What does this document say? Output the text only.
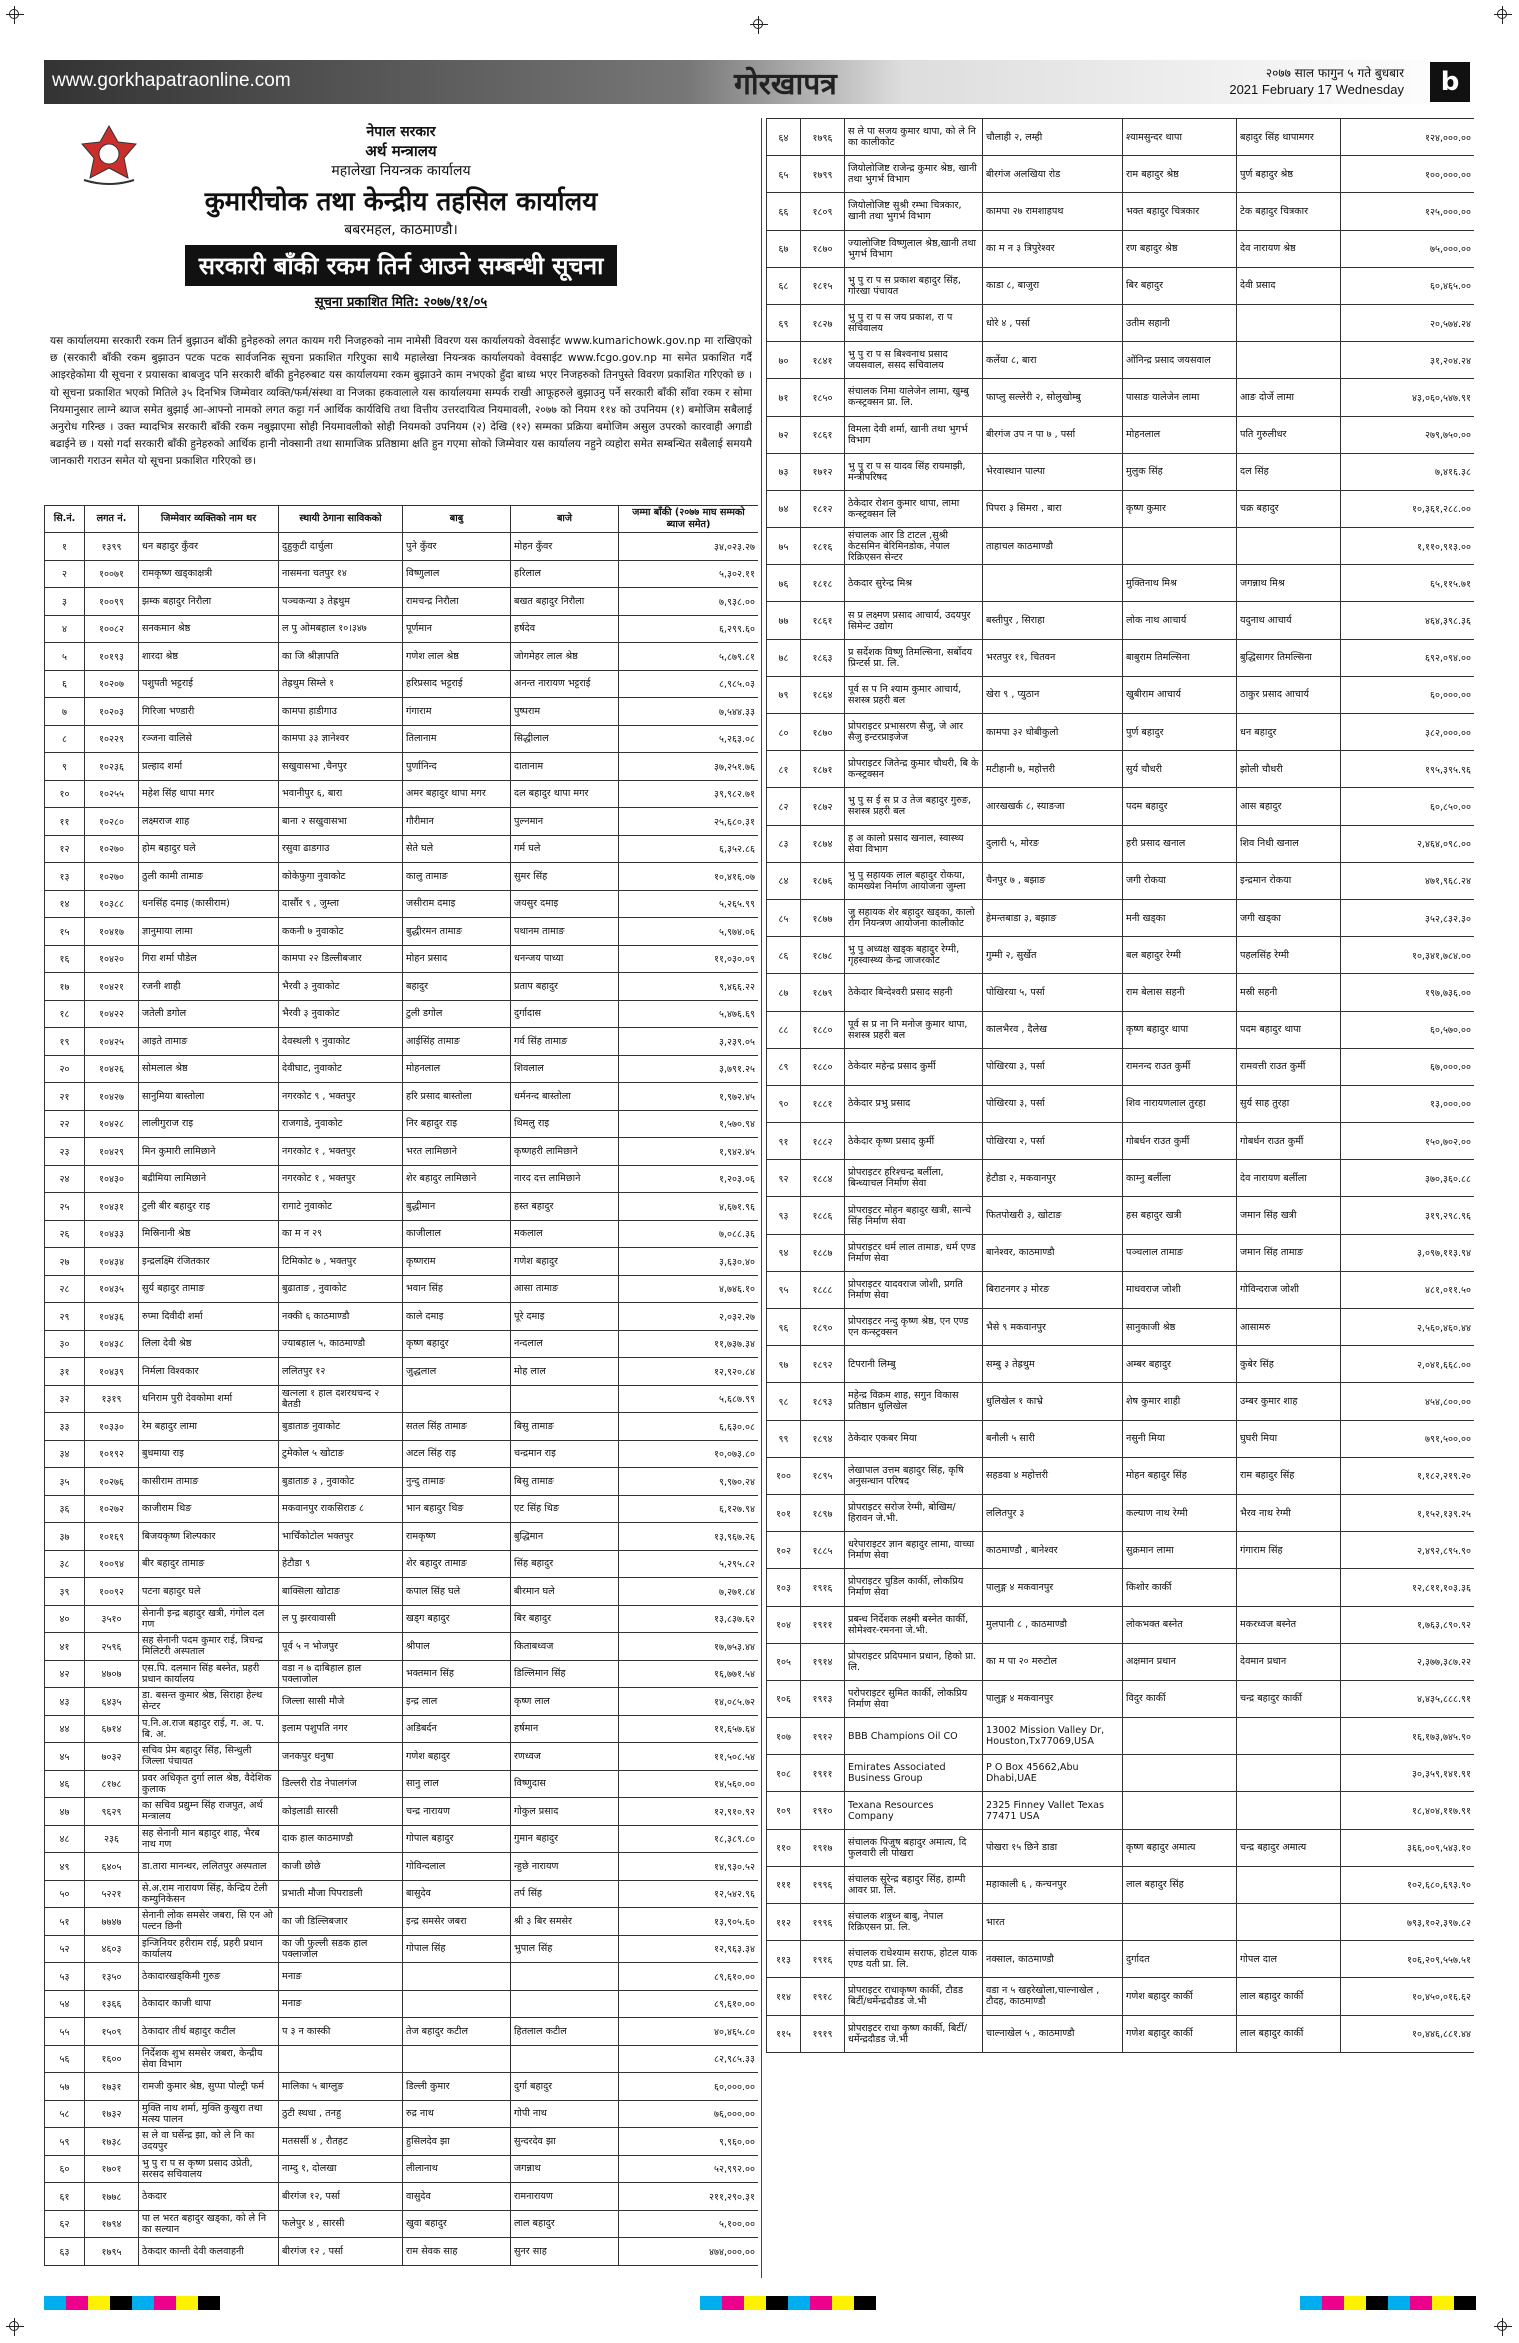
www.gorkhapatraonline.com	गोरखापत्र	२०७७ साल फागुन ५ गते बुधबार
2021 February 17 Wednesday	b
नेपाल सरकार
अर्थ मन्त्रालय
महालेखा नियन्त्रक कार्यालय
कुमारीचोक तथा केन्द्रीय तहसिल कार्यालय
बबरमहल, काठमाण्डौ।
सरकारी बाँकी रकम तिर्न आउने सम्बन्धी सूचना
सूचना प्रकाशित मिति: २०७७/११/०५
यस कार्यालयमा सरकारी रकम तिर्न बुझाउन बाँकी हुनेहरुको लगत कायम गरी निजहरुको नाम नामेसी विवरण यस कार्यालयको वेवसाईट www.kumarichowk.gov.np मा राखिएको छ (सरकारी बाँकी रकम बुझाउन पटक पटक सार्वजनिक सूचना प्रकाशित गरिएुका साथै महालेखा नियन्त्रक कार्यालयको वेवसाईट www.fcgo.gov.np मा समेत प्रकाशित गर्दै आइरहेकोमा यी सूचना र प्रयासका बाबजुद पनि सरकारी बाँकी हुनेहरुबाट यस कार्यालयमा रकम बुझाउने काम नभएको हुँदा बाध्य भएर निजहरुको तिनपुस्ते विवरण प्रकाशित गरिएको छ । यो सूचना प्रकाशित भएको मितिले ३५ दिनभित्र जिम्मेवार व्यक्ति/फर्म/संस्था वा निजका हकवालाले यस कार्यालयमा सम्पर्क राखी आफूहरुले बुझाउनु पर्ने सरकारी बाँकी साँवा रकम र सोमा नियमानुसार लाग्ने ब्याज समेत बुझाई आ-आफ्नो नामको लगत कट्टा गर्न आर्थिक कार्यविधि तथा वित्तीय उत्तरदायित्व नियमावली, २०७७ को नियम ११४ को उपनियम (१) बमोजिम सबैलाई अनुरोध गरिन्छ । उक्त म्यादभित्र सरकारी बाँकी रकम नबुझाएमा सोही नियमावलीको सोही नियमको उपनियम (२) देखि (१२) सम्मका प्रक्रिया बमोजिम असुल उपरको कारवाही अगाडी बढाईने छ । यसो गर्दा सरकारी बाँकी हुनेहरुको आर्थिक हानी नोक्सानी तथा सामाजिक प्रतिष्ठामा क्षति हुन गएमा सोको जिम्मेवार यस कार्यालय नहुने व्यहोरा समेत सम्बन्धित सबैलाई समयमै जानकारी गराउन समेत यो सूचना प्रकाशित गरिएको छ।
सि.नं.	लगत नं.	जिम्मेवार व्यक्तिको नाम थर	स्थायी ठेगाना साविकको	बाबु	बाजे	जम्मा बाँकी (२०७७ माघ सम्मको ब्याज समेत)
१	१३९९	धन बहादुर कुँवर	दुहुकुटी दार्चुला	पुने कुँवर	मोहन कुँवर	३४,०२३.२७
२	१००७१	रामकृष्ण खड्काक्षत्री	नासमना चतपुर १४	विष्णुलाल	हरिलाल	५,३०२.११
३	१००९९	झम्क बहादुर निरौला	पञ्चकन्या ३ तेह्रथुम	रामचन्द्र निरौला	बखत बहादुर निरौला	७,९३८.००
४	१००८२	सनकमान श्रेष्ठ	ल पु ओमबहाल १०।३४७	पूर्णमान	हर्षदेव	६,२९९.६०
५	१०१९३	शारदा श्रेष्ठ	का जि श्रीज्ञापति	गणेश लाल श्रेष्ठ	जोगमेहर लाल श्रेष्ठ	५,८७९.८१
६	१०२०७	पशुपती भट्टराई	तेह्रथुम सिम्ले १	हरिप्रसाद भट्टराई	अनन्त नारायण भट्टराई	८,९८५.०३
७	१०२०३	गिरिजा भण्डारी	कामपा हाडीगाउ	गंगाराम	पुष्पराम	७,५४४.३३
८	१०२२९	रञ्जना वालिसे	कामपा ३३ ज्ञानेश्वर	तिलानाम	सिद्धीलाल	५,२६३.०८
९	१०२३६	प्रल्हाद शर्मा	सखुवासभा ,चैनपुर	पुर्णानिन्द	दातानाम	३७,२५१.७६
१०	१०२५५	महेश सिंह थापा मगर	भवानीपुर ६, बारा	अमर बहादुर थापा मगर	दल बहादुर थापा मगर	३९,९८२.७१
११	१०२८०	लक्ष्मराज शाह	बाना २ सखुवासभा	गौरीमान	पुल्नमान	२५,६८०.३१
१२	१०२७०	होम बहादुर घले	रसुवा ढाडगाउ	सेते घले	गर्म घले	६,३५२.८६
१३	१०२७०	ठुली कामी तामाङ	कोकेफुगा नुवाकोट	कालु तामाङ	सुमर सिंह	१०,४१६.०७
१४	१०३८८	धनसिंह दमाइ (कासीराम)	दार्सौर ९ , जुम्ला	जसीराम दमाइ	जयसुर दमाइ	५,२६५.९९
१५	१०४१७	ज्ञानुमाया लामा	ककनी ७ नुवाकोट	बुद्धीरमन तामाङ	पथानम तामाङ	५,९७४.०६
१६	१०४२०	गिरा शर्मा पौडेल	कामपा २२ डिल्लीबजार	मोहन प्रसाद	धनन्जय पाध्या	११,०३०.०९
१७	१०४२१	रजनी शाही	भैरवी ३ नुवाकोट	बहादुर	प्रताप बहादुर	९,४६६.२२
१८	१०४२२	जतेली डगोल	भैरवी ३ नुवाकोट	टुली डगोल	दुर्गादास	५,४७६.६९
१९	१०४२५	आइते तामाङ	देवस्थली ९ नुवाकोट	आईसिंह तामाङ	गर्व सिंह तामाङ	३,२३९.०५
२०	१०४२६	सोमलाल श्रेष्ठ	देवीघाट, नुवाकोट	मोहनलाल	शिवलाल	३,७९१.२५
२१	१०४२७	सानुमिया बास्तोला	नगरकोट ९ , भक्तपुर	हरि प्रसाद बास्तोला	धर्मनन्द बास्तोला	१,९७२.४५
२२	१०४२८	लालीगुराज राइ	राजगाडे, नुवाकोट	निर बहादुर राइ	थिमलु राइ	१,५७०.९४
२३	१०४२९	मिन कुमारी लामिछाने	नगरकोट १ , भक्तपुर	भरत लामिछाने	कृष्णहरी लामिछाने	१,९४२.४५
२४	१०४३०	बद्रीमिया लामिछाने	नगरकोट १ , भक्तपुर	शेर बहादुर लामिछाने	नारद दत्त लामिछाने	१,२०३.०६
२५	१०४३१	टुली बीर बहादुर राइ	रागाटे नुवाकोट	बुद्धीमान	हस्त बहादुर	४,६७१.९६
२६	१०४३३	मिस्रिनानी श्रेष्ठ	का म न २९	काजीलाल	मकलाल	७,०८८.३६
२७	१०४३४	इन्द्रलक्ष्मि रंजितकार	टिमिकोट ७ , भक्तपुर	कृष्णराम	गणेश बहादुर	३,६३०.४०
२८	१०४३५	सुर्य बहादुर तामाङ	बुढाताङ , नुवाकोट	भवान सिंह	आसा तामाङ	४,७४६.१०
२९	१०४३६	रुप्मा दिवीदी शर्मा	नक्की ६ काठमाण्डौ	काले दमाइ	पूरे दमाइ	२,०३२.२७
३०	१०४३८	लिला देवी श्रेष्ठ	ज्याबहाल ५, काठमाण्डौ	कृष्ण बहादुर	नन्दलाल	११,७३७.३४
३१	१०४३९	निर्मला विश्वकार	ललितपुर १२	जुद्धलाल	मोह लाल	१२,९२०.८४
३२	१३१९	धनिराम पुरी देवकोमा शर्मा	खत्नला १ हाल दशरथचन्द २ बैतडी			५,६८७.९९
३३	१०३३०	रेम बहादुर लामा	बुडाताङ नुवाकोट	सतल सिंह तामाङ	बिसु तामाङ	६,६३०.०८
३४	१०१९२	बुधमाया राइ	टुमेकोल ५ खोटाङ	अटल सिंह राइ	चन्द्रमान राइ	१०,०७३.८०
३५	१०२७६	कासीराम तामाङ	बुडाताङ ३ , नुवाकोट	नुन्दु तामाङ	बिसु तामाङ	९,९७०.२४
३६	१०२७२	काजीराम थिङ	मकवानपुर राकसिराङ ८	भान बहादुर थिङ	एट सिंह थिङ	६,१२७.९४
३७	१०१६९	बिजयकृष्ण शिल्पकार	भार्चिंकोटोल भक्तपुर	रामकृष्ण	बुद्धिमान	१३,९६७.२६
३८	१००९४	बीर बहादुर तामाङ	हेटौडा ९	शेर बहादुर तामाङ	सिंह बहादुर	५,२९५.८२
३९	१००९२	पटना बहादुर घले	बाक्सिला खोटाङ	कपाल सिंह घले	बीरमान घले	७,२७१.८४
४०	३५१०	सेनानी इन्द्र बहादुर खत्री, गंगोल दल गण	ल पु झरवावासी	खड्ग बहादुर	बिर बहादुर	१३,८३७.६२
४१	२५९६	सह सेनानी पदम कुमार राई, त्रिचन्द्र मिलिटरी अस्पताल	पूर्व ५ न भोजपुर	श्रीपाल	किताबध्वज	१७,७५३.४४
४२	४७०७	एस.पि. दलमान सिंह बस्नेत, प्रहरी प्रधान कार्यालय	वडा न ७ दाबिहाल हाल पक्लाजोल	भक्तमान सिंह	डिल्लिमान सिंह	१६,७७१.५४
४३	६४३५	डा. बसन्त कुमार श्रेष्ठ, सिराहा हेल्थ सेन्टर	जिल्ला सासी मौजे	इन्द्र लाल	कृष्ण लाल	१४,०८५.७२
४४	६७१४	प.नि.अ.राज बहादुर राई, ग. अ. प. बि. अ.	इलाम पशुपति नगर	अडिबर्दन	हर्षमान	११,६५७.६४
४५	७०३२	सचिव प्रेम बहादुर सिंह, सिन्धुली जिल्ला पंचायत	जनकपुर धनुषा	गणेश बहादुर	रणध्वज	११,५०८.५४
४६	८१७८	प्रवर अधिकृत दुर्गा लाल श्रेष्ठ, वैदेशिक कुलाक	डिल्लरी रोड नेपालगंज	सानु लाल	विष्णुदास	१४,५६०.००
४७	९६२९	का सचिव प्रद्युम्न सिंह राजपुत, अर्थ मन्त्रालय	कोइलाडी सारसी	चन्द्र नारायण	गोकुल प्रसाद	१२,९१०.९२
४८	२३६	सह सेनानी मान बहादुर शाह, भैरब नाथ गण	दाक हाल काठमाण्डौ	गोपाल बहादुर	गुमान बहादुर	१८,३८९.८०
४९	६४०५	डा.तारा मानन्धर, ललितपुर अस्पताल	काजी छोछे	गोविन्दलाल	न्हुछे नारायण	१४,९३०.५२
५०	५२२१	से.अ.राम नारायण सिंह, केन्द्रिय टेली कम्युनिकेसन	प्रभाती मौजा पिपराडली	बासुदेव	तर्प सिंह	१२,५४२.९६
५१	७७४७	सेनानी लोक समसेर जबरा, सि एन ओ पल्टन छिनी	का जी डिल्लिबजार	इन्द्र समसेर जबरा	श्री ३ बिर समसेर	१३,९०५.६०
५२	४६०३	इन्जिनियर हरीराम राई, प्रहरी प्रधान कार्यालय	का जी फुल्ली सडक हाल पक्लाजोल	गोपाल सिंह	भुपाल सिंह	१२,९६३.३४
५३	१३५०	ठेकादारखड्किमी गुरुङ	मनाङ			८९,६१०.००
५४	१३६६	ठेकादार काजी थापा	मनाङ			८९,६१०.००
५५	१५०९	ठेकादार तीर्थ बहादुर कटील	प ३ न कास्की	तेज बहादुर कटील	हितलाल कटील	४०,४६५.८०
५६	१६००	निर्देशक शुभ समसेर जबरा, केन्द्रीय सेवा विभाग				८२,९८५.३३
५७	१७३१	रामजी कुमार श्रेष्ठ, सुप्पा पोल्ट्री फर्म	मालिका ५ बाग्लुङ	डिल्ली कुमार	दुर्गा बहादुर	६०,०००.००
५८	१७३२	मुक्ति नाथ शर्मा, मुक्ति कुखुरा तथा मत्स्य पालन	ठुटी स्थधा , तनहु	रुद्र नाथ	गोपी नाथ	७६,०००.००
५९	१७३८	स ले वा घर्सेन्द्र झा, को ले नि का उदयपुर	मतसर्सी ४ , रौतहट	हुसिलदेव झा	सुन्दरदेव झा	९,९६०.००
६०	१७०१	भु पु रा प स कृष्ण प्रसाद उप्रेती, सरसद सचिवालय	नाम्दु १, दोलखा	लीलानाथ	जगन्नाथ	५२,९९२.००
६१	१७७८	ठेकदार	बीरगंज १२, पर्सा	वासुदेव	रामनारायण	२११,२९०.३१
६२	१७९४	पा ल भरत बहादुर खड्का, को ले नि का सल्यान	फलेपुर ४ , सारसी	खुवा बहादुर	लाल बहादुर	५,१००.००
६३	१७९५	ठेकदार कान्ती देवी कलवाहनी	बीरगंज १२ , पर्सा	राम सेवक साह	सुनर साह	४७४,०००.००
६४	१७९६	स ले पा सजय कुमार थापा, को ले नि का कालीकोट	चौलाही २, लम्ही	श्यामसुन्दर थापा	बहादुर सिंह थापामगर	१२४,०००.००
६५	१७९९	जियोलोजिष्ट राजेन्द्र कुमार श्रेष्ठ, खानी तथा भुगर्भ विभाग	बीरगंज अलखिया रोड	राम बहादुर श्रेष्ठ	पुर्ण बहादुर श्रेष्ठ	१००,०००.००
६६	१८०९	जियोलोजिष्ट सुश्री रम्भा चित्रकार, खानी तथा भुगर्भ विभाग	कामपा २७ रामशाहपथ	भक्त बहादुर चित्रकार	टेक बहादुर चित्रकार	१२५,०००.००
६७	१८७०	ज्यालोजिष्ट विष्णुलाल श्रेष्ठ,खानी तथा भुगर्भ विभाग	का म न ३ त्रिपुरेश्वर	रण बहादुर श्रेष्ठ	देव नारायण श्रेष्ठ	७५,०००.००
६८	१८१५	भु पु रा प स प्रकाश बहादुर सिंह, गोरखा पंचायत	काडा ८, बाजुरा	बिर बहादुर	देवी प्रसाद	६०,४६५.००
६९	१८२७	भु पु रा प स जय प्रकाश, रा प सचिवालय	धोरे ४ , पर्सा	उतीम सहानी		२०,५७४.२४
७०	१८४१	भु पु रा प स बिश्वनाथ प्रसाद जयसवाल, ससद सचिवालय	कर्लेया ८, बारा	ओंनिन्द्र प्रसाद जयसवाल		३१,२०४.२४
७१	१८५०	संचालक निमा यालेजेन लामा, खुम्बु कन्स्ट्रक्सन प्रा. लि.	फाप्लु सल्लेरी २, सोलुखोम्बु	पासाङ यालेजेन लामा	आङ दोर्जे लामा	४३,०६०,५४७.९१
७२	१८६१	विमला देवी शर्मा, खानी तथा भुगर्भ विभाग	बीरगंज उप न पा ७ , पर्सा	मोहनलाल	पति गुरुलीधर	२७९,७५०.००
७३	१७१२	भु पु रा प स यादव सिंह रायमाझी, मन्त्रीपरिषद	भेरवास्थान पाल्पा	मुलुक सिंह	दल सिंह	७,४१६.३८
७४	१८१२	ठेकेदार रोशन कुमार थापा, लामा कन्स्ट्रक्सन लि	पिपरा ३ सिमरा , बारा	कृष्ण कुमार	चक्र बहादुर	१०,३६१,२८८.००
७५	१८१६	संचालक आर डि टाटल ,सुश्री केटसमिन बेरिमिनडोक, नेपाल रिक्रिएसन सेन्टर	ताहाचल काठमाण्डौ			१,११०,९१३.००
७६	१८१८	ठेकदार सुरेन्द्र मिश्र		मुक्तिनाथ मिश्र	जगन्नाथ मिश्र	६५,११५.७१
७७	१८६१	स प्र लक्ष्मण प्रसाद आचार्य, उदयपुर सिमेन्ट उद्योग	बस्तीपुर , सिराहा	लोक नाथ आचार्य	यदुनाथ आचार्य	४६४,३९८.३६
७८	१८६३	प्र सर्देशक विष्णु तिमल्सिना, सर्बोदय प्रिन्टर्स प्रा. लि.	भरतपुर ११, चितवन	बाबुराम तिमल्सिना	बुद्धिसागर तिमल्सिना	६९२,०९४.००
७९	१८६४	पूर्व स प नि श्याम कुमार आचार्य, सशस्त्र प्रहरी बल	खेरा ९ , प्युठान	खुबीराम आचार्य	ठाकुर प्रसाद आचार्य	६०,०००.००
८०	१८७०	प्रोपराइटर प्रभासरण सैजु, जे आर सैजु इन्टरप्राइजेज	कामपा ३२ धोबीकुलो	पुर्ण बहादुर	धन बहादुर	३८२,०००.००
८१	१८७१	प्रोपराइटर जितेन्द्र कुमार चौधरी, बि के कन्स्ट्रक्सन	मटीहानी ७, महोत्तरी	सुर्य चौधरी	झोली चौधरी	१९५,३९५.९६
८२	१८७२	भु पु स ई स प्र उ तेज बहादुर गुरुङ, सशस्त्र प्रहरी बल	आरखखर्क ८, स्याङजा	पदम बहादुर	आस बहादुर	६०,८५०.००
८३	१८७४	ह अ कालो प्रसाद खनाल, स्वास्थ्य सेवा विभाग	दुलारी ५, मोरङ	हरी प्रसाद खनाल	शिव निधी खनाल	२,४६४,०९८.००
८४	१८७६	भु पु सहायक लाल बहादुर रोकया, कामख्येश निर्माण आयोजना जुम्ला	चैनपुर ७ , बझाङ	जगी रोकया	इन्द्रमान रोकया	४७१,९६८.२४
८५	१८७७	जु सहायक शेर बहादुर खड्का, कालो रोग नियन्त्रण आयोजना कालीकोट	हेमन्तबाडा ३, बझाङ	मनी खड्का	जगी खड्का	३५२,८३२.३०
८६	१८७८	भु पु अध्यक्ष खड्क बहादुर रेग्मी, गृहस्वास्थ्य केन्द्र जाजरकोट	गुम्मी २, सुर्खेत	बल बहादुर रेग्मी	पहलसिंह रेग्मी	१०,३४१,७८४.००
८७	१८७९	ठेकेदार बिन्देश्वरी प्रसाद सहनी	पोखिरया ५, पर्सा	राम बेलास सहनी	मस्री सहनी	१९७,७३६.००
८८	१८८०	पूर्व स प्र ना नि मनोज कुमार थापा, सशस्त्र प्रहरी बल	कालभैरव , दैलेख	कृष्ण बहादुर थापा	पदम बहादुर थापा	६०,५७०.००
८९	१८८०	ठेकेदार महेन्द्र प्रसाद कुर्मी	पोखिरया ३, पर्सा	रामनन्द राउत कुर्मी	रामवत्ती राउत कुर्मी	६७,०००.००
९०	१८८१	ठेकेदार प्रभु प्रसाद	पोखिरया ३, पर्सा	शिव नारायणलाल तुरहा	सुर्य साह तुरहा	१३,०००.००
९१	१८८२	ठेकेदार कृष्ण प्रसाद कुर्मी	पोखिरया २, पर्सा	गोबर्धन राउत कुर्मी	गोबर्धन राउत कुर्मी	१५०,७०२.००
९२	१८८४	प्रोपराइटर हरिश्चन्द्र बर्लीला, बिन्ध्याचल निर्माण सेवा	हेटौडा २, मकवानपुर	काम्नु बर्लीला	देव नारायण बर्लीला	३७०,३६०.८८
९३	१८८६	प्रोपराइटर मोहन बहादुर खत्री, सान्चे सिंह निर्माण सेवा	फितपोखरी ३, खोटाङ	हस बहादुर खत्री	जमान सिंह खत्री	३१९,२९८.९६
९४	१८८७	प्रोपराइटर धर्म लाल तामाङ, धर्म एण्ड निर्माण सेवा	बानेश्वर, काठमाण्डौ	पञ्चलाल तामाङ	जमान सिंह तामाङ	३,०९७,११३.९४
९५	१८८८	प्रोपराइटर यादवराज जोशी, प्रगति निर्माण सेवा	बिराटनगर ३ मोरङ	माधवराज जोशी	गोविन्दराज जोशी	४८१,०११.५०
९६	१८९०	प्रोपराइटर नन्दु कृष्ण श्रेष्ठ, एन एण्ड एन कन्स्ट्रक्सन	भैसे ९ मकवानपुर	सानुकाजी श्रेष्ठ	आसामरु	२,५६०,४६०.४४
९७	१८९२	टिपरानी लिम्बु	सम्बु ३ तेह्रथुम	अम्बर बहादुर	कुबेर सिंह	२,०४१,६६८.००
९८	१८९३	महेन्द्र विक्रम शाह, सगुन विकास प्रतिष्ठान धुलिखेल	धुलिखेल १ काभ्रे	शेष कुमार शाही	उम्बर कुमार शाह	४५४,८००.००
९९	१८९४	ठेकेदार एकबर मिया	बनौली ५ सारी	नसुनी मिया	घुघरी मिया	७९१,५००.००
१००	१८९५	लेखापाल उत्तम बहादुर सिंह, कृषि अनुसन्धान परिषद	सहडवा ४ महोत्तरी	मोहन बहादुर सिंह	राम बहादुर सिंह	१,१८२,२१९.२०
१०१	१८९७	प्रोपराइटर सरोज रेग्मी, बोखिम/हिरावन जे.भी.	ललितपुर ३	कल्याण नाथ रेग्मी	भैरव नाथ रेग्मी	१,१५२,१३९.२५
१०२	१८८५	धरेपाराइटर ज्ञान बहादुर लामा, वाच्चा निर्माण सेवा	काठमाण्डौ , बानेश्वर	सुक्रमान लामा	गंगाराम सिंह	२,४९२,८९५.९०
१०३	१९१६	प्रोपराइटर चुडिल कार्की, लोकप्रिय निर्माण सेवा	पालुङ्ग ४ मकवानपुर	किशोर कार्की		१२,८११,१०३.३६
१०४	१९११	प्रबन्ध निर्देशक लक्ष्मी बस्नेत कार्की, सोमेश्वर-रमनना जे.भी.	मुलपानी ८ , काठमाण्डौ	लोकभक्त बस्नेत	मकरध्वज बस्नेत	१,७६३,८९०.९२
१०५	१९१४	प्रोपराइटर प्रदिपमान प्रधान, हिको प्रा. लि.	का म पा २० मरुटोल	अक्षमान प्रधान	देवमान प्रधान	२,३७७,३८७.२२
१०६	१९१३	परोपराइटर सुमित कार्की, लोकप्रिय निर्माण सेवा	पालुङ्ग ४ मकवानपुर	विदुर कार्की	चन्द्र बहादुर कार्की	४,४३५,८८८.९१
१०७	१९१२	BBB Champions Oil CO	13002 Mission Valley Dr, Houston,Tx77069,USA			१६,१७३,७४५.९०
१०८	१९११	Emirates Associated Business Group	P O Box 45662,Abu Dhabi,UAE			३०,३५९,१४१.९१
१०९	१९१०	Texana Resources Company	2325 Finney Vallet Texas 77471 USA			१८,४०४,११७.९१
११०	१९१७	संचालक पिजुष बहादुर अमात्य, दि फुलवारी ली पोखरा	पोखरा १५ छिने डाडा	कृष्ण बहादुर अमात्य	चन्द्र बहादुर अमात्य	३६६,००९,५४३.१०
१११	१९९६	संचालक सुरेन्द्र बहादुर सिंह, हाम्पी आवर प्रा. लि.	महाकाली ६ , कन्चनपुर	लाल बहादुर सिंह		१०२,६८०,६९३.९०
११२	१९९६	संचालक शत्रुध्न बाबु, नेपाल रिक्रिएसन प्रा. लि.	भारत			७९३,१०२,३९७.८२
११३	१९१६	संचालक राधेश्याम सराफ, होटल याक एण्ड यती प्रा. लि.	नक्साल, काठमाण्डौ	दुर्गादत	गोपल दाल	१०६,२०९,५५७.५१
११४	१९१८	प्रोपराइटर राधाकृष्ण कार्की, टौडड बिर्टी/धर्मेन्द्रदौडड जे.भी	वडा न ५ खहरेखोला,चाल्नाखेल , टौदह, काठमाण्डौ	गणेश बहादुर कार्की	लाल बहादुर कार्की	१०,४५०,०१६.६२
११५	१९१९	प्रोपराइटर राधा कृष्ण कार्की, बिर्टी/धर्मेन्द्रदौडड जे.भी	चाल्नाखेल ५ , काठमाण्डौ	गणेश बहादुर कार्की	लाल बहादुर कार्की	१०,४४६,८८१.४४
